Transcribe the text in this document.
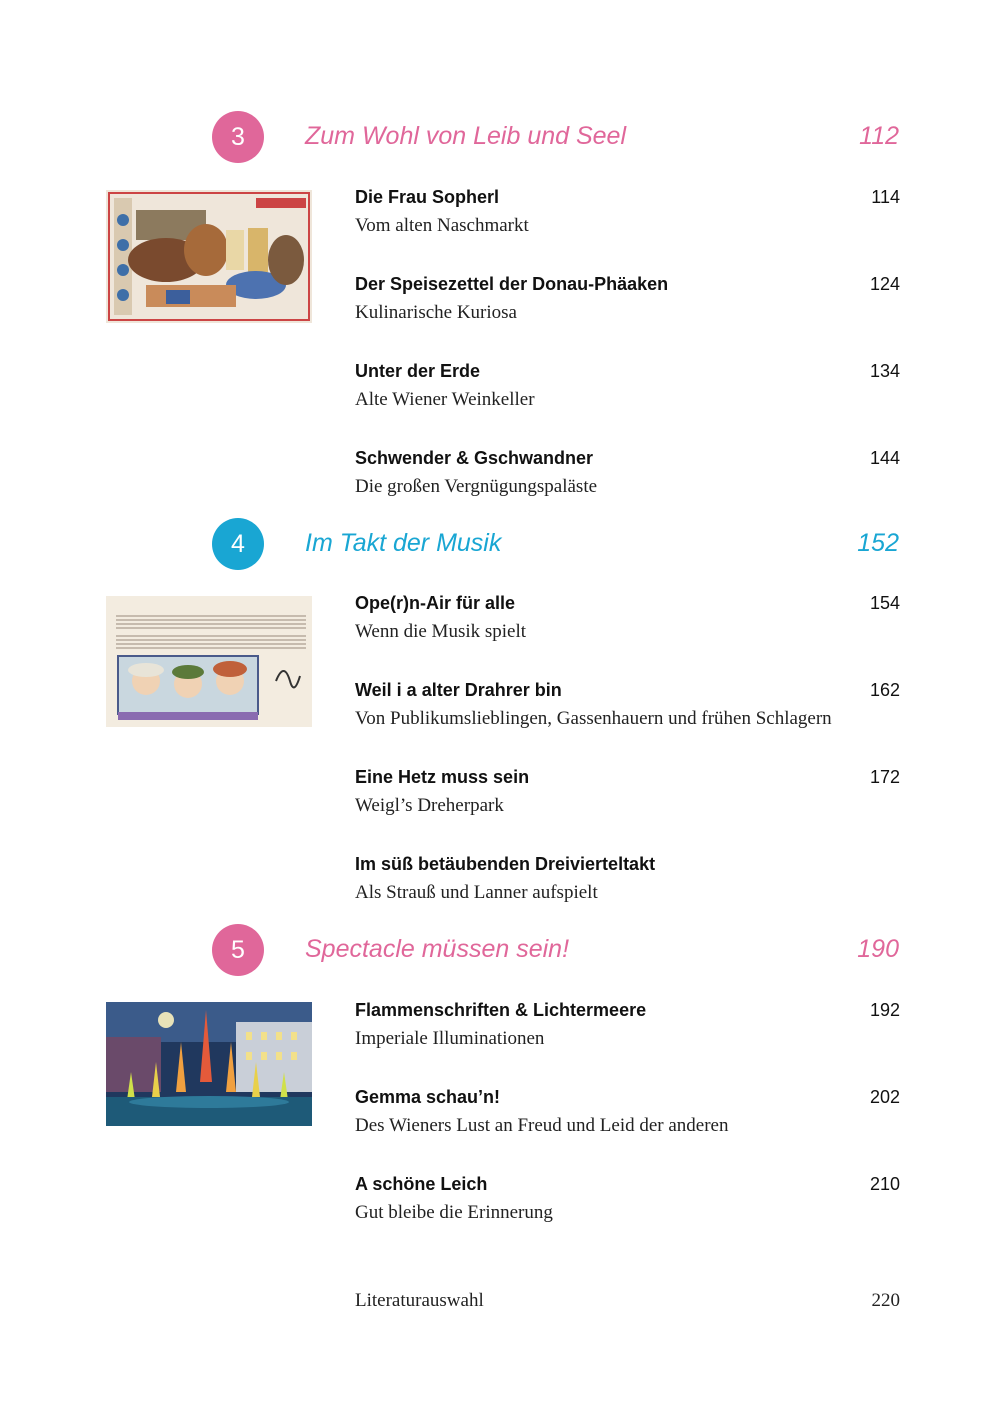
3	Zum Wohl von Leib und Seel	112
Die Frau Sopherl	114
Vom alten Naschmarkt
Der Speisezettel der Donau-Phäaken	124
Kulinarische Kuriosa
Unter der Erde	134
Alte Wiener Weinkeller
Schwender & Gschwandner	144
Die großen Vergnügungspaläste
4	Im Takt der Musik	152
Ope(r)n-Air für alle	154
Wenn die Musik spielt
Weil i a alter Drahrer bin	162
Von Publikumslieblingen, Gassenhauern und frühen Schlagern
Eine Hetz muss sein	172
Weigl’s Dreherpark
Im süß betäubenden Dreivierteltakt
Als Strauß und Lanner aufspielt
5	Spectacle müssen sein!	190
Flammenschriften & Lichtermeere	192
Imperiale Illuminationen
Gemma schau’n!	202
Des Wieners Lust an Freud und Leid der anderen
A schöne Leich	210
Gut bleibe die Erinnerung
Literaturauswahl	220
